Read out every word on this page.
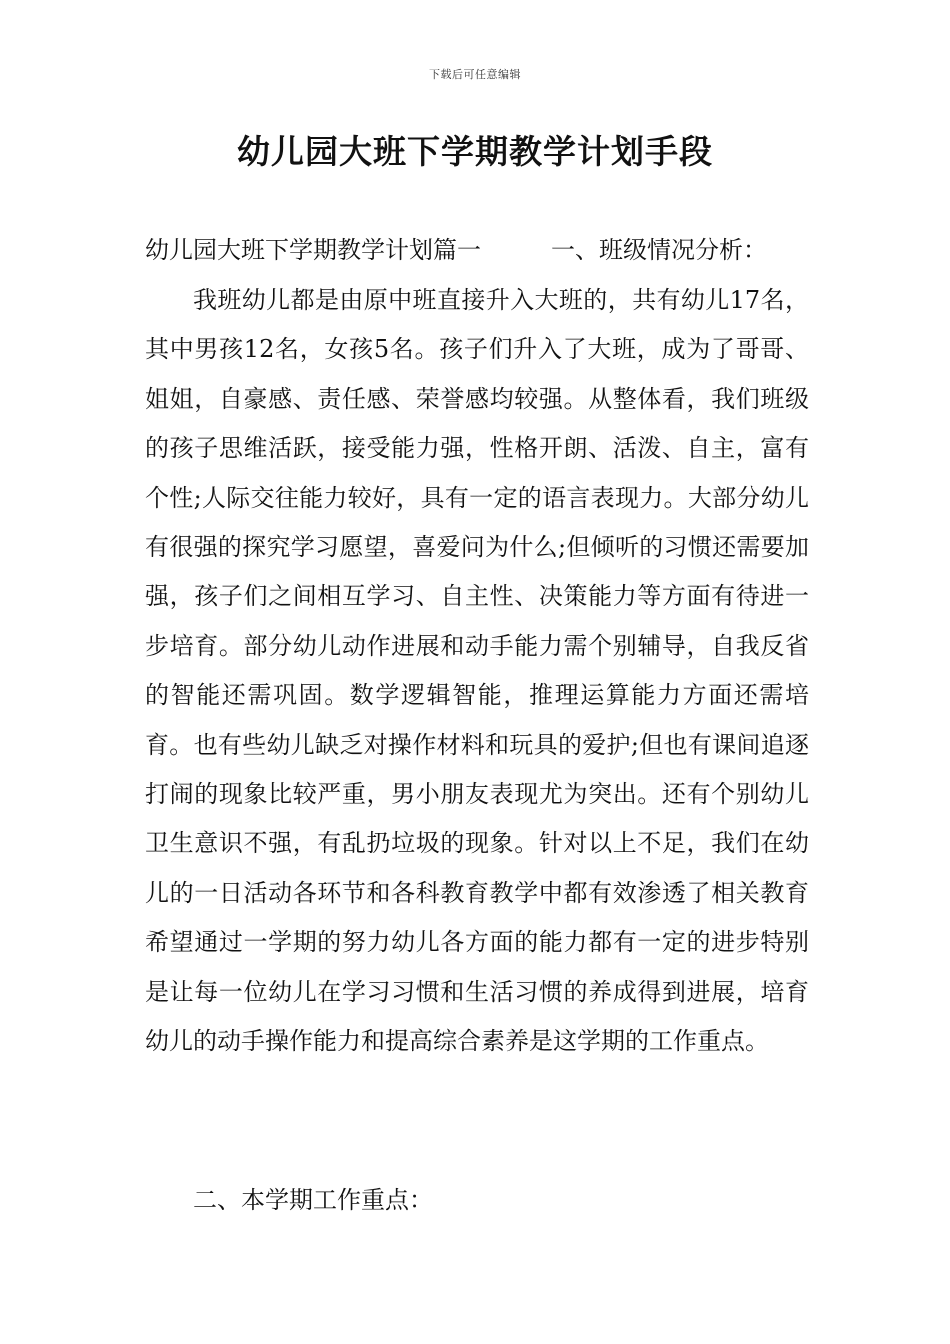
下载后可任意编辑
幼儿园大班下学期教学计划手段
幼儿园大班下学期教学计划篇一	一、班级情况分析：
我班幼儿都是由原中班直接升入大班的，共有幼儿17名，其中男孩12名，女孩5名。孩子们升入了大班，成为了哥哥、姐姐，自豪感、责任感、荣誉感均较强。从整体看，我们班级的孩子思维活跃，接受能力强，性格开朗、活泼、自主，富有个性;人际交往能力较好，具有一定的语言表现力。大部分幼儿有很强的探究学习愿望，喜爱问为什么;但倾听的习惯还需要加强，孩子们之间相互学习、自主性、决策能力等方面有待进一步培育。部分幼儿动作进展和动手能力需个别辅导，自我反省的智能还需巩固。数学逻辑智能，推理运算能力方面还需培育。也有些幼儿缺乏对操作材料和玩具的爱护;但也有课间追逐打闹的现象比较严重，男小朋友表现尤为突出。还有个别幼儿卫生意识不强，有乱扔垃圾的现象。针对以上不足，我们在幼儿的一日活动各环节和各科教育教学中都有效渗透了相关教育希望通过一学期的努力幼儿各方面的能力都有一定的进步特别是让每一位幼儿在学习习惯和生活习惯的养成得到进展，培育幼儿的动手操作能力和提高综合素养是这学期的工作重点。
二、本学期工作重点：
